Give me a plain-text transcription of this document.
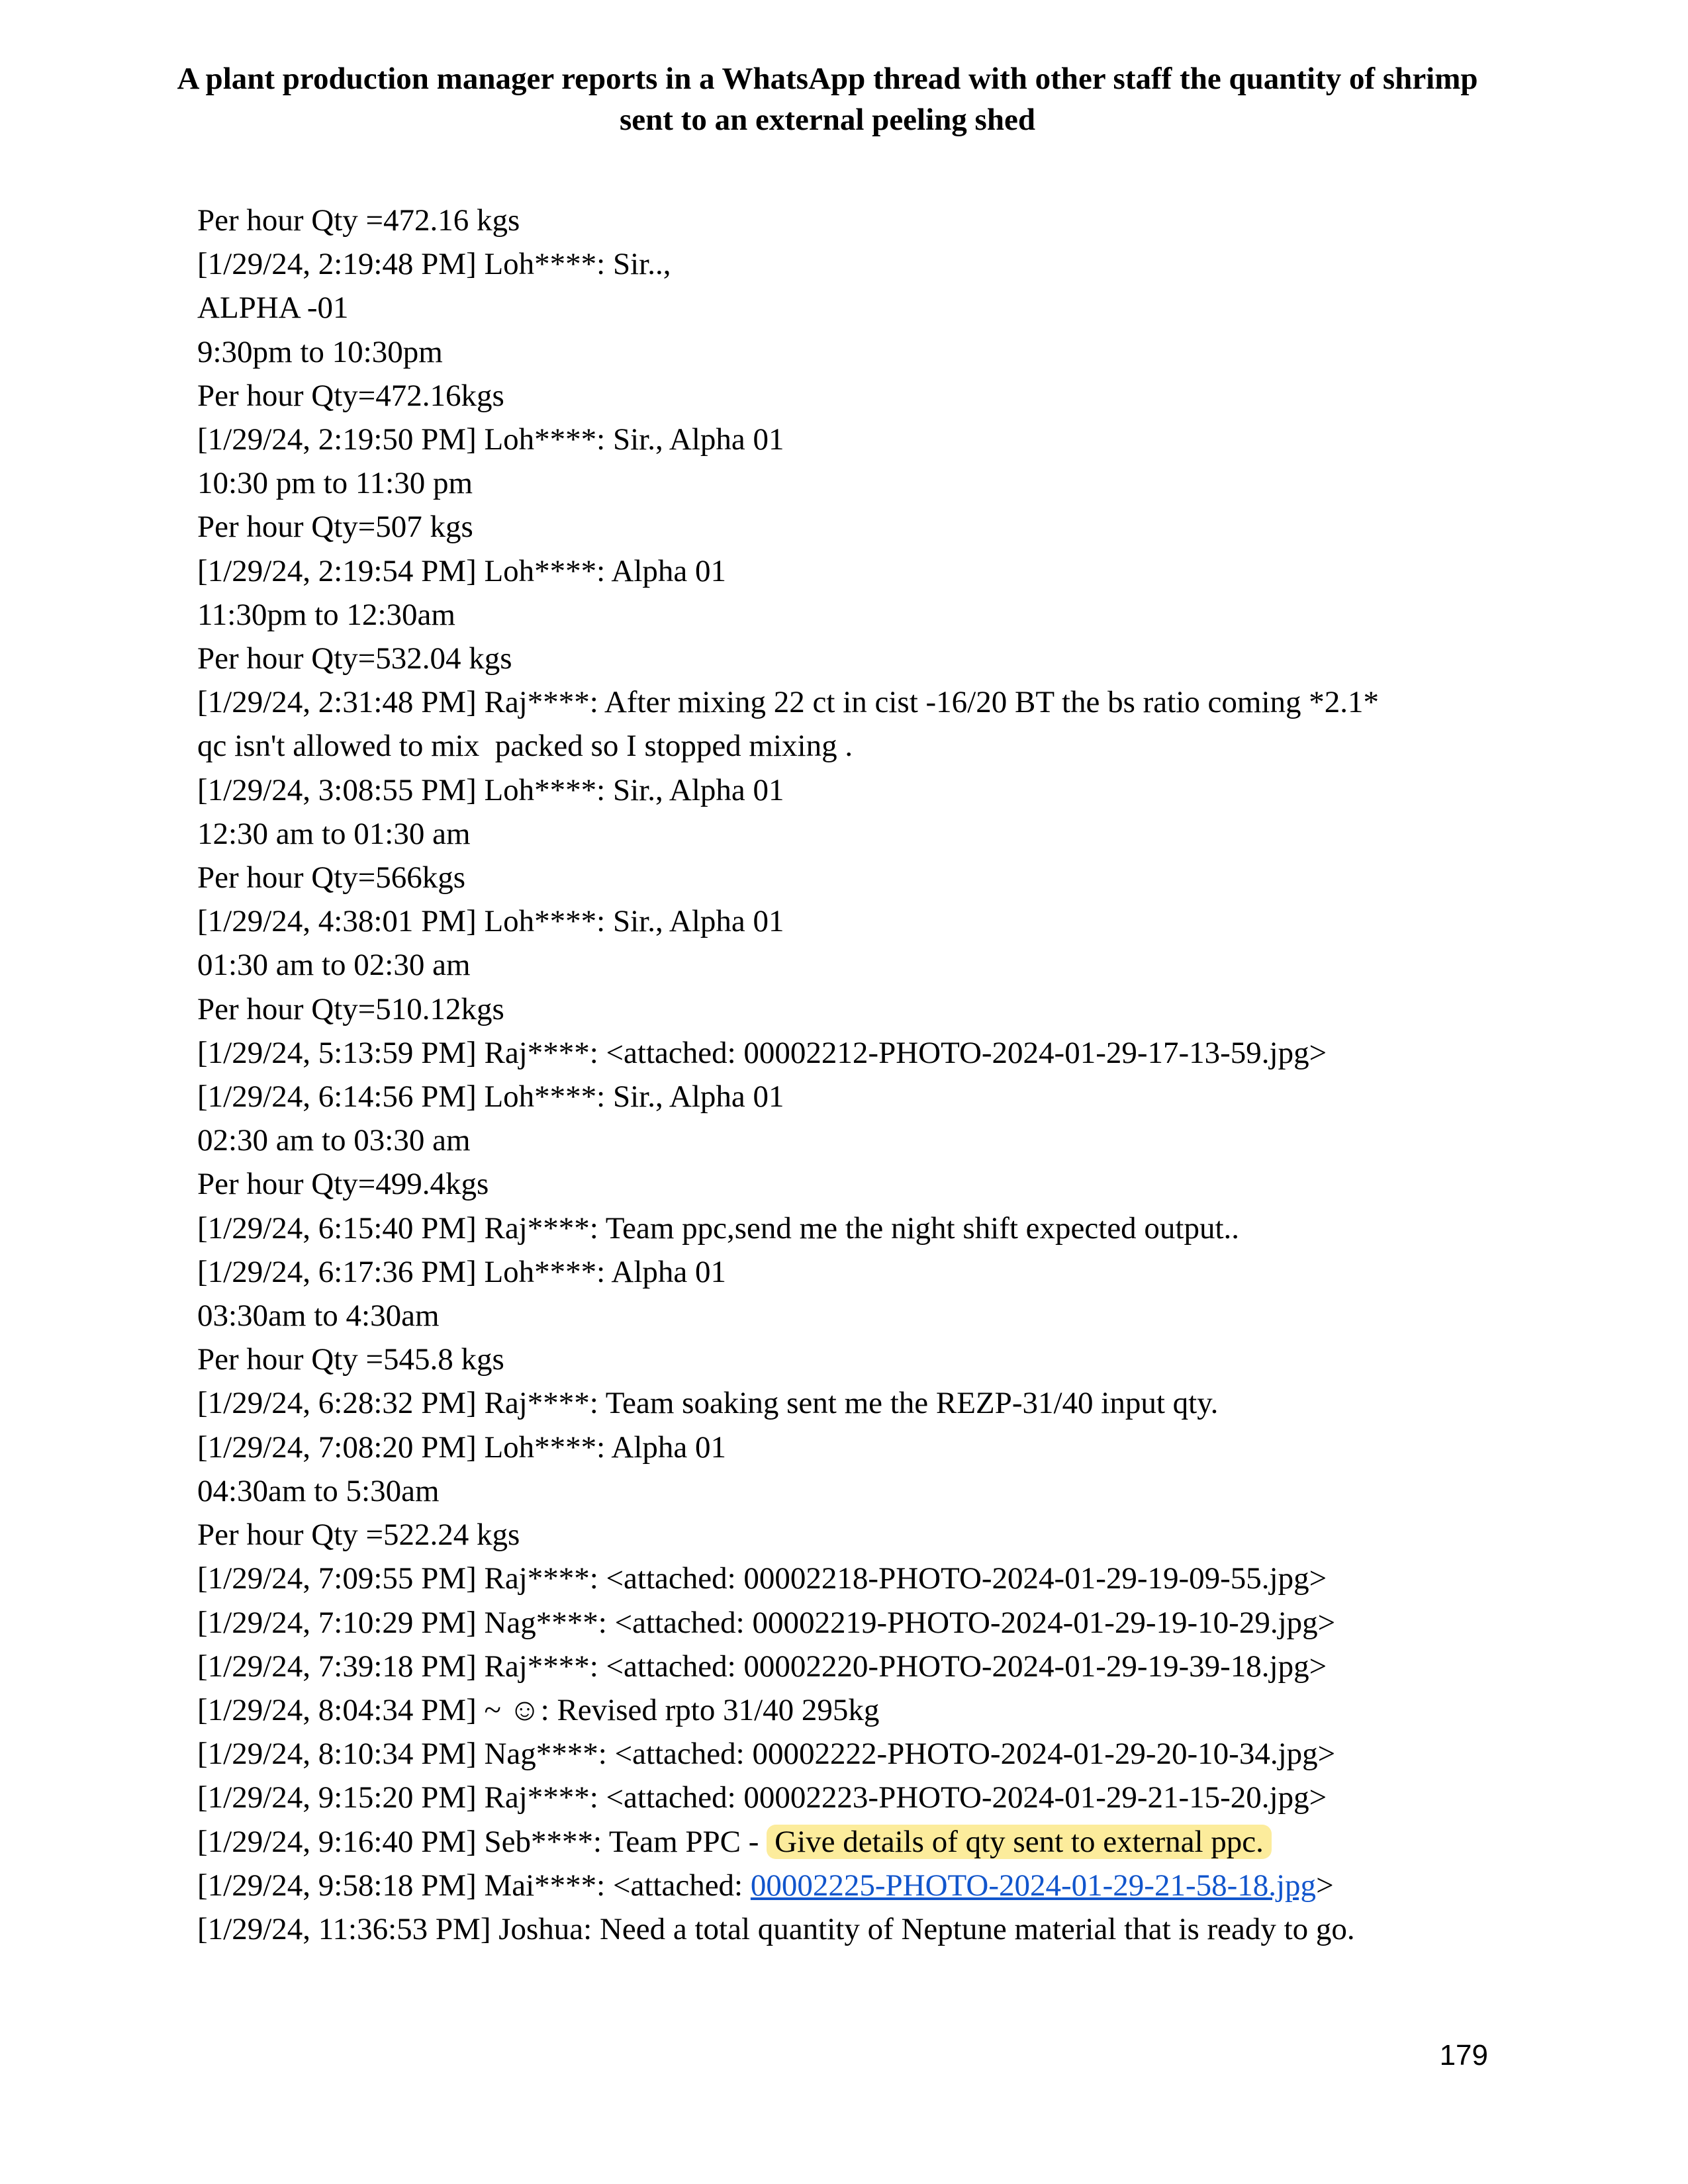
A plant production manager reports in a WhatsApp thread with other staff the quantity of shrimp sent to an external peeling shed
Per hour Qty =472.16 kgs
[1/29/24, 2:19:48 PM] Loh****: Sir..,
ALPHA -01
9:30pm to 10:30pm
Per hour Qty=472.16kgs
[1/29/24, 2:19:50 PM] Loh****: Sir., Alpha 01
10:30 pm to 11:30 pm
Per hour Qty=507 kgs
[1/29/24, 2:19:54 PM] Loh****: Alpha 01
11:30pm to 12:30am
Per hour Qty=532.04 kgs
[1/29/24, 2:31:48 PM] Raj****: After mixing 22 ct in cist -16/20 BT the bs ratio coming *2.1*
qc isn't allowed to mix  packed so I stopped mixing .
[1/29/24, 3:08:55 PM] Loh****: Sir., Alpha 01
12:30 am to 01:30 am
Per hour Qty=566kgs
[1/29/24, 4:38:01 PM] Loh****: Sir., Alpha 01
01:30 am to 02:30 am
Per hour Qty=510.12kgs
[1/29/24, 5:13:59 PM] Raj****: <attached: 00002212-PHOTO-2024-01-29-17-13-59.jpg>
[1/29/24, 6:14:56 PM] Loh****: Sir., Alpha 01
02:30 am to 03:30 am
Per hour Qty=499.4kgs
[1/29/24, 6:15:40 PM] Raj****: Team ppc,send me the night shift expected output..
[1/29/24, 6:17:36 PM] Loh****: Alpha 01
03:30am to 4:30am
Per hour Qty =545.8 kgs
[1/29/24, 6:28:32 PM] Raj****: Team soaking sent me the REZP-31/40 input qty.
[1/29/24, 7:08:20 PM] Loh****: Alpha 01
04:30am to 5:30am
Per hour Qty =522.24 kgs
[1/29/24, 7:09:55 PM] Raj****: <attached: 00002218-PHOTO-2024-01-29-19-09-55.jpg>
[1/29/24, 7:10:29 PM] Nag****: <attached: 00002219-PHOTO-2024-01-29-19-10-29.jpg>
[1/29/24, 7:39:18 PM] Raj****: <attached: 00002220-PHOTO-2024-01-29-19-39-18.jpg>
[1/29/24, 8:04:34 PM] ~ ☺: Revised rpto 31/40 295kg
[1/29/24, 8:10:34 PM] Nag****: <attached: 00002222-PHOTO-2024-01-29-20-10-34.jpg>
[1/29/24, 9:15:20 PM] Raj****: <attached: 00002223-PHOTO-2024-01-29-21-15-20.jpg>
[1/29/24, 9:16:40 PM] Seb****: Team PPC - Give details of qty sent to external ppc.
[1/29/24, 9:58:18 PM] Mai****: <attached: 00002225-PHOTO-2024-01-29-21-58-18.jpg>
[1/29/24, 11:36:53 PM] Joshua: Need a total quantity of Neptune material that is ready to go.
179
